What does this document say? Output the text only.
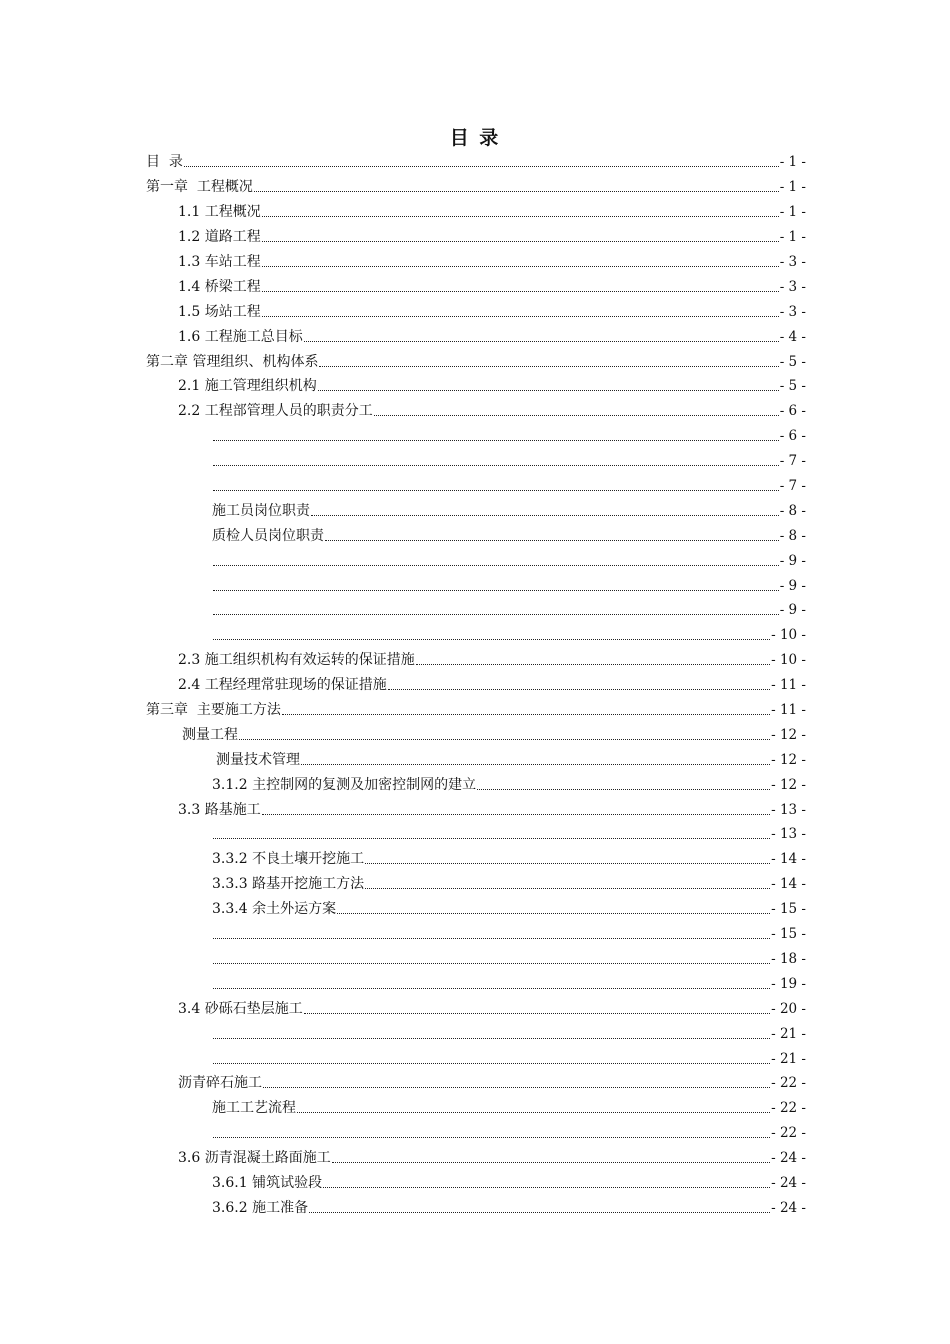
目 录
目  录	- 1 -
第一章  工程概况	- 1 -
1.1 工程概况	- 1 -
1.2 道路工程	- 1 -
1.3 车站工程	- 3 -
1.4 桥梁工程	- 3 -
1.5 场站工程	- 3 -
1.6 工程施工总目标	- 4 -
第二章 管理组织、机构体系	- 5 -
2.1 施工管理组织机构	- 5 -
2.2 工程部管理人员的职责分工	- 6 -
- 6 -
- 7 -
- 7 -
施工员岗位职责	- 8 -
质检人员岗位职责	- 8 -
- 9 -
- 9 -
- 9 -
- 10 -
2.3 施工组织机构有效运转的保证措施	- 10 -
2.4 工程经理常驻现场的保证措施	- 11 -
第三章  主要施工方法	- 11 -
测量工程	- 12 -
测量技术管理	- 12 -
3.1.2 主控制网的复测及加密控制网的建立	- 12 -
3.3 路基施工	- 13 -
- 13 -
3.3.2 不良土壤开挖施工	- 14 -
3.3.3 路基开挖施工方法	- 14 -
3.3.4 余土外运方案	- 15 -
- 15 -
- 18 -
- 19 -
3.4 砂砾石垫层施工	- 20 -
- 21 -
- 21 -
沥青碎石施工	- 22 -
施工工艺流程	- 22 -
- 22 -
3.6 沥青混凝土路面施工	- 24 -
3.6.1 铺筑试验段	- 24 -
3.6.2 施工准备	- 24 -
